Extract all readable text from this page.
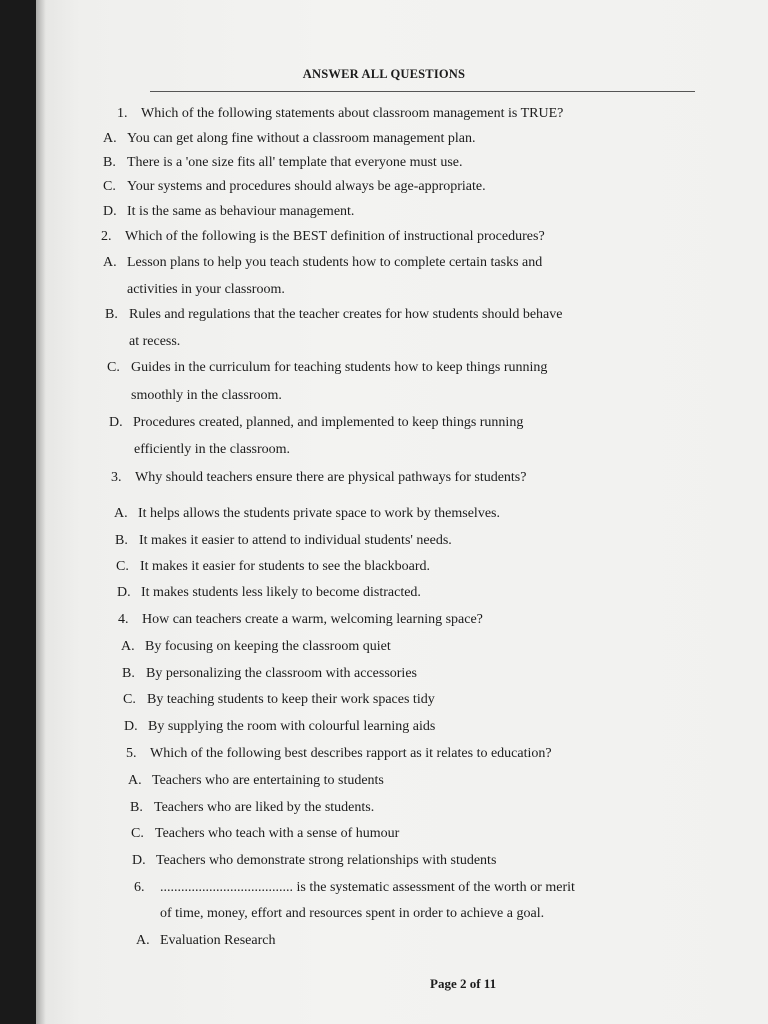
ANSWER ALL QUESTIONS
1. Which of the following statements about classroom management is TRUE?
A. You can get along fine without a classroom management plan.
B. There is a 'one size fits all' template that everyone must use.
C. Your systems and procedures should always be age-appropriate.
D. It is the same as behaviour management.
2. Which of the following is the BEST definition of instructional procedures?
A. Lesson plans to help you teach students how to complete certain tasks and
activities in your classroom.
B. Rules and regulations that the teacher creates for how students should behave
at recess.
C. Guides in the curriculum for teaching students how to keep things running
smoothly in the classroom.
D. Procedures created, planned, and implemented to keep things running
efficiently in the classroom.
3. Why should teachers ensure there are physical pathways for students?
A. It helps allows the students private space to work by themselves.
B. It makes it easier to attend to individual students' needs.
C. It makes it easier for students to see the blackboard.
D. It makes students less likely to become distracted.
4. How can teachers create a warm, welcoming learning space?
A. By focusing on keeping the classroom quiet
B. By personalizing the classroom with accessories
C. By teaching students to keep their work spaces tidy
D. By supplying the room with colourful learning aids
5. Which of the following best describes rapport as it relates to education?
A. Teachers who are entertaining to students
B. Teachers who are liked by the students.
C. Teachers who teach with a sense of humour
D. Teachers who demonstrate strong relationships with students
6. ...................................... is the systematic assessment of the worth or merit
of time, money, effort and resources spent in order to achieve a goal.
A. Evaluation Research
Page 2 of 11
